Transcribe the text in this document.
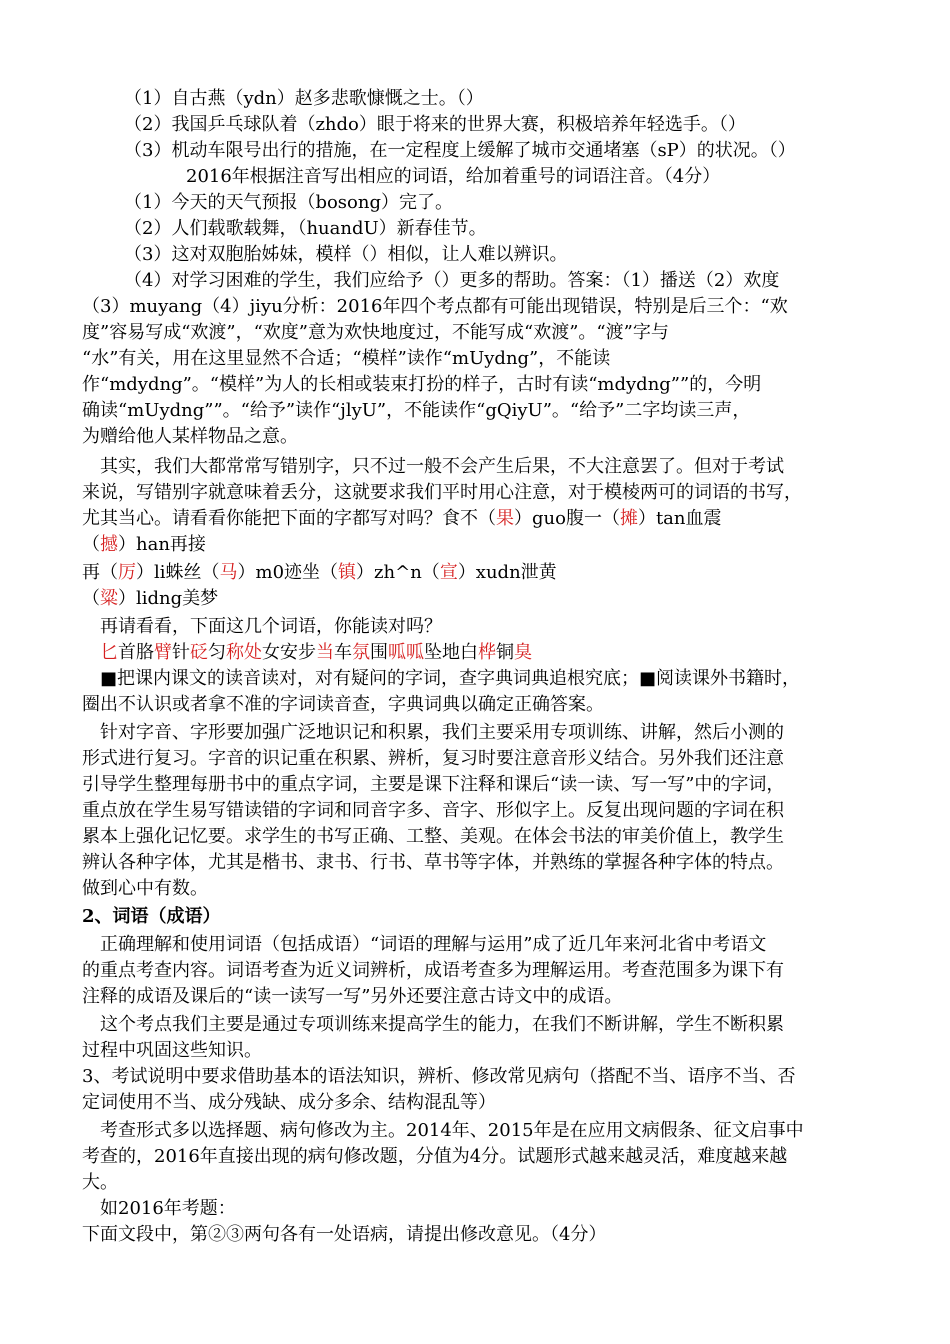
（1）自古燕（ydn）赵多悲歌慷慨之士。（）
（2）我国乒乓球队着（zhdo）眼于将来的世界大赛，积极培养年轻选手。（）
（3）机动车限号出行的措施，在一定程度上缓解了城市交通堵塞（sP）的状况。（）
2016年根据注音写出相应的词语，给加着重号的词语注音。（4分）
（1）今天的天气预报（bosong）完了。
（2）人们载歌载舞，（huandU）新春佳节。
（3）这对双胞胎姊妹，模样（）相似，让人难以辨识。
（4）对学习困难的学生，我们应给予（）更多的帮助。答案：（1）播送（2）欢度
（3）muyang（4）jiyu分析：2016年四个考点都有可能出现错误，特别是后三个：“欢
度”容易写成“欢渡”，“欢度”意为欢快地度过，不能写成“欢渡”。“渡”字与
“水”有关，用在这里显然不合适；“模样”读作“mUydng”，不能读
作“mdydng”。“模样”为人的长相或装束打扮的样子，古时有读“mdydng””的，今明
确读“mUydng””。“给予”读作“jlyU”，不能读作“gQiyU”。“给予”二字均读三声，
为赠给他人某样物品之意。
其实，我们大都常常写错别字，只不过一般不会产生后果，不大注意罢了。但对于考试
来说，写错别字就意味着丢分，这就要求我们平时用心注意，对于模棱两可的词语的书写，
尤其当心。请看看你能把下面的字都写对吗？食不（果）guo腹一（摊）tan血震
（撼）han再接
再（厉）li蛛丝（马）m0迹坐（镇）zh^n（宣）xudn泄黄
（粱）lidng美梦
再请看看，下面这几个词语，你能读对吗？
匕首胳臂针砭匀称处女安步当车氛围呱呱坠地白桦铜臭
■把课内课文的读音读对，对有疑问的字词，查字典词典追根究底；■阅读课外书籍时，
圈出不认识或者拿不准的字词读音查，字典词典以确定正确答案。
针对字音、字形要加强广泛地识记和积累，我们主要采用专项训练、讲解，然后小测的
形式进行复习。字音的识记重在积累、辨析，复习时要注意音形义结合。另外我们还注意
引导学生整理每册书中的重点字词，主要是课下注释和课后“读一读、写一写”中的字词，
重点放在学生易写错读错的字词和同音字多、音字、形似字上。反复出现问题的字词在积
累本上强化记忆要。求学生的书写正确、工整、美观。在体会书法的审美价值上，教学生
辨认各种字体，尤其是楷书、隶书、行书、草书等字体，并熟练的掌握各种字体的特点。
做到心中有数。
2、词语（成语）
正确理解和使用词语（包括成语）“词语的理解与运用”成了近几年来河北省中考语文
的重点考查内容。词语考查为近义词辨析，成语考查多为理解运用。考查范围多为课下有
注释的成语及课后的“读一读写一写”另外还要注意古诗文中的成语。
这个考点我们主要是通过专项训练来提高学生的能力，在我们不断讲解，学生不断积累
过程中巩固这些知识。
3、考试说明中要求借助基本的语法知识，辨析、修改常见病句（搭配不当、语序不当、否
定词使用不当、成分残缺、成分多余、结构混乱等）
考查形式多以选择题、病句修改为主。2014年、2015年是在应用文病假条、征文启事中
考查的，2016年直接出现的病句修改题，分值为4分。试题形式越来越灵活，难度越来越
大。
如2016年考题：
下面文段中，第②③两句各有一处语病，请提出修改意见。（4分）
